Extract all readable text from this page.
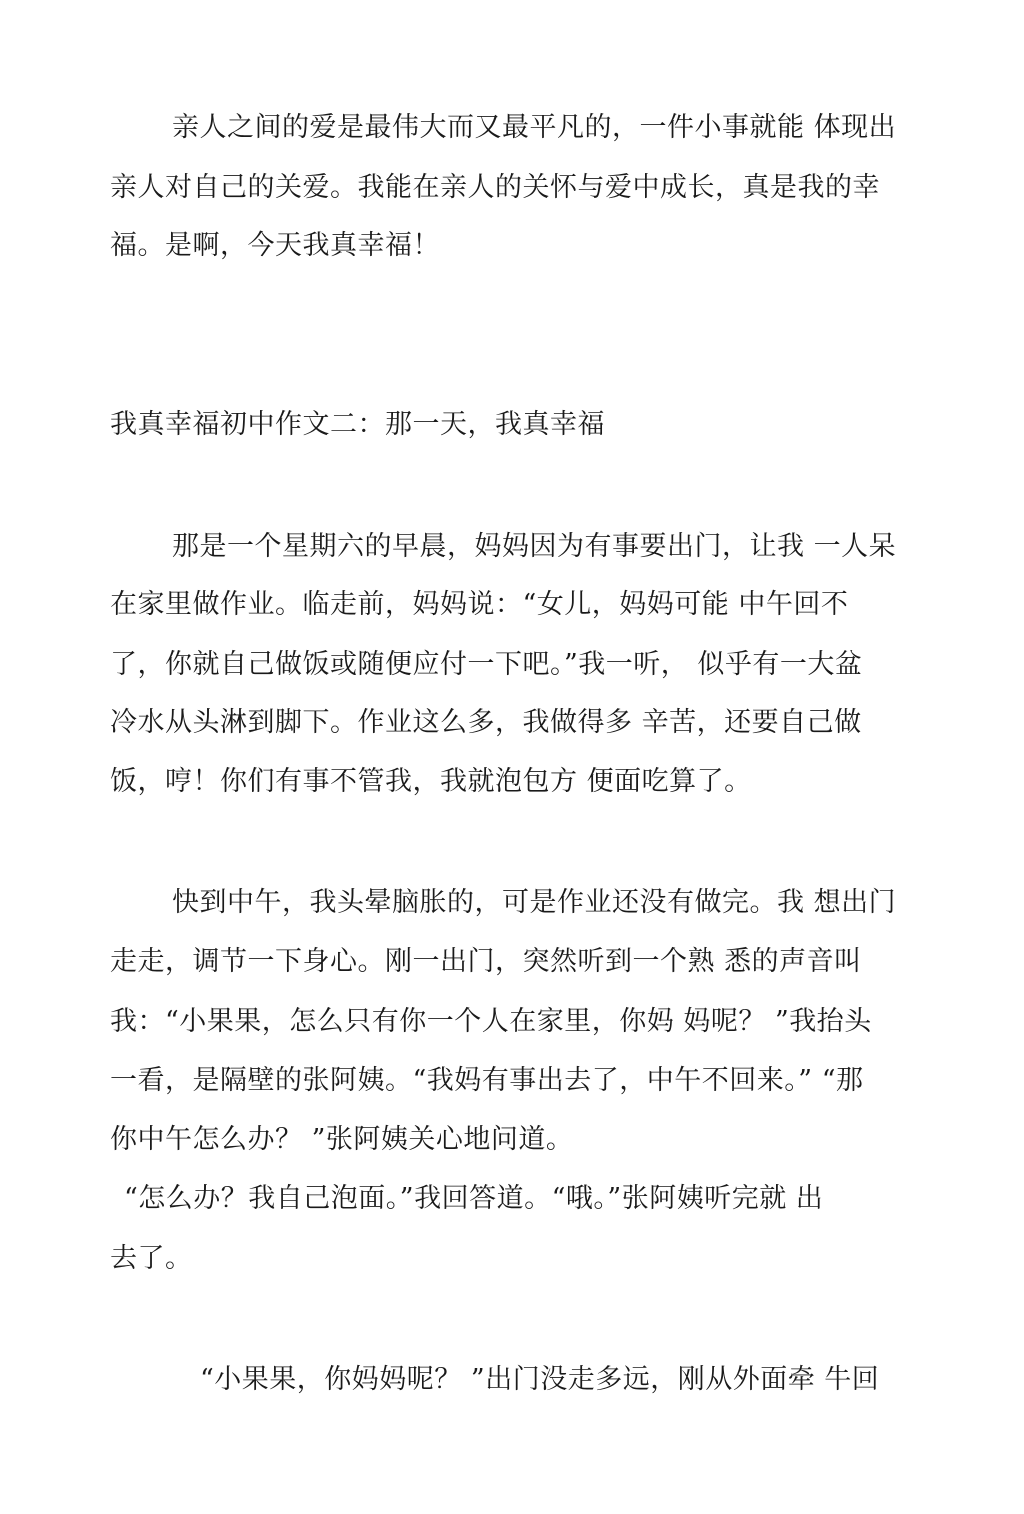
亲人之间的爱是最伟大而又最平凡的，一件小事就能 体现出
亲人对自己的关爱。我能在亲人的关怀与爱中成长，真是我的幸
福。是啊，今天我真幸福！
我真幸福初中作文二：那一天，我真幸福
那是一个星期六的早晨，妈妈因为有事要出门，让我 一人呆
在家里做作业。临走前，妈妈说：“女儿，妈妈可能 中午回不
了，你就自己做饭或随便应付一下吧。”我一听， 似乎有一大盆
冷水从头淋到脚下。作业这么多，我做得多 辛苦，还要自己做
饭，哼！你们有事不管我，我就泡包方 便面吃算了。
快到中午，我头晕脑胀的，可是作业还没有做完。我 想出门
走走，调节一下身心。刚一出门，突然听到一个熟 悉的声音叫
我：“小果果，怎么只有你一个人在家里，你妈 妈呢？ ”我抬头
一看，是隔壁的张阿姨。“我妈有事出去了，中午不回来。” “那
你中午怎么办？ ”张阿姨关心地问道。
“怎么办？我自己泡面。”我回答道。“哦。”张阿姨听完就 出
去了。
“小果果，你妈妈呢？ ”出门没走多远，刚从外面牵 牛回
